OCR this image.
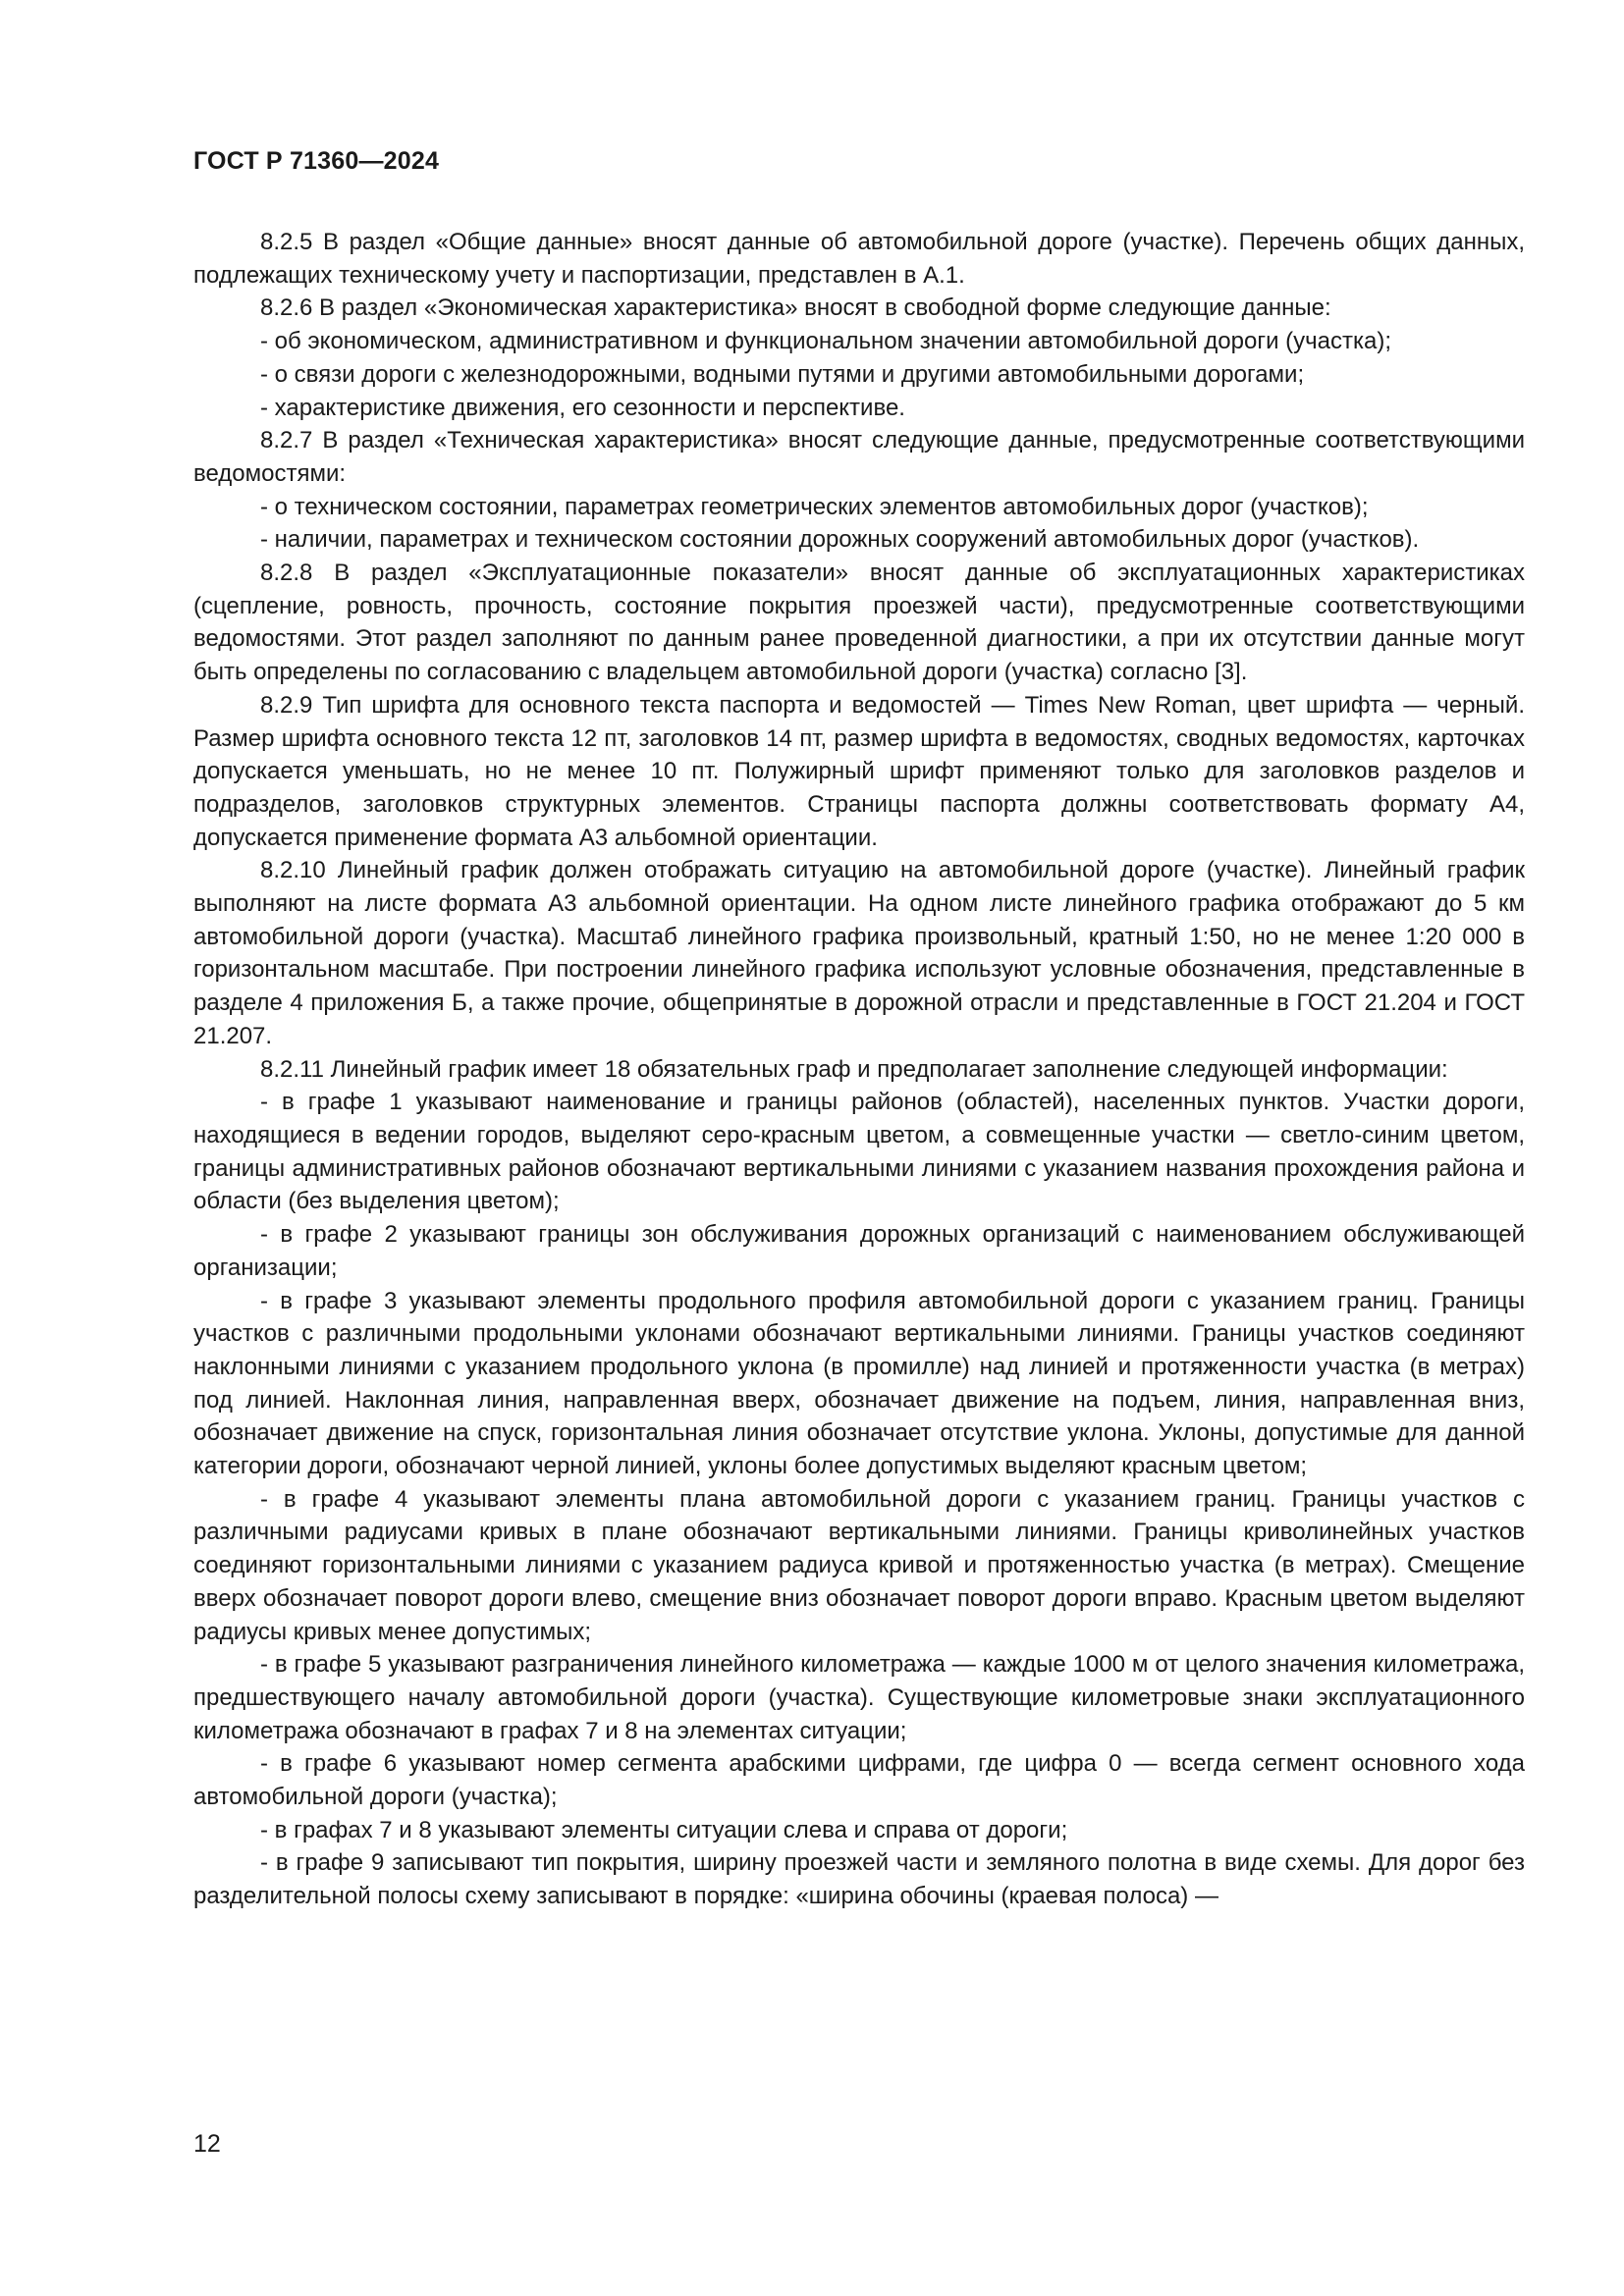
ГОСТ Р 71360—2024

8.2.5 В раздел «Общие данные» вносят данные об автомобильной дороге (участке). Перечень общих данных, подлежащих техническому учету и паспортизации, представлен в А.1.

8.2.6 В раздел «Экономическая характеристика» вносят в свободной форме следующие данные:

- об экономическом, административном и функциональном значении автомобильной дороги (участка);

- о связи дороги с железнодорожными, водными путями и другими автомобильными дорогами;

- характеристике движения, его сезонности и перспективе.

8.2.7 В раздел «Техническая характеристика» вносят следующие данные, предусмотренные соответствующими ведомостями:

- о техническом состоянии, параметрах геометрических элементов автомобильных дорог (участков);

- наличии, параметрах и техническом состоянии дорожных сооружений автомобильных дорог (участков).

8.2.8 В раздел «Эксплуатационные показатели» вносят данные об эксплуатационных характеристиках (сцепление, ровность, прочность, состояние покрытия проезжей части), предусмотренные соответствующими ведомостями. Этот раздел заполняют по данным ранее проведенной диагностики, а при их отсутствии данные могут быть определены по согласованию с владельцем автомобильной дороги (участка) согласно [3].

8.2.9 Тип шрифта для основного текста паспорта и ведомостей — Times New Roman, цвет шрифта — черный. Размер шрифта основного текста 12 пт, заголовков 14 пт, размер шрифта в ведомостях, сводных ведомостях, карточках допускается уменьшать, но не менее 10 пт. Полужирный шрифт применяют только для заголовков разделов и подразделов, заголовков структурных элементов. Страницы паспорта должны соответствовать формату А4, допускается применение формата А3 альбомной ориентации.

8.2.10 Линейный график должен отображать ситуацию на автомобильной дороге (участке). Линейный график выполняют на листе формата А3 альбомной ориентации. На одном листе линейного графика отображают до 5 км автомобильной дороги (участка). Масштаб линейного графика произвольный, кратный 1:50, но не менее 1:20 000 в горизонтальном масштабе. При построении линейного графика используют условные обозначения, представленные в разделе 4 приложения Б, а также прочие, общепринятые в дорожной отрасли и представленные в ГОСТ 21.204 и ГОСТ 21.207.

8.2.11 Линейный график имеет 18 обязательных граф и предполагает заполнение следующей информации:

- в графе 1 указывают наименование и границы районов (областей), населенных пунктов. Участки дороги, находящиеся в ведении городов, выделяют серо-красным цветом, а совмещенные участки — светло-синим цветом, границы административных районов обозначают вертикальными линиями с указанием названия прохождения района и области (без выделения цветом);

- в графе 2 указывают границы зон обслуживания дорожных организаций с наименованием обслуживающей организации;

- в графе 3 указывают элементы продольного профиля автомобильной дороги с указанием границ. Границы участков с различными продольными уклонами обозначают вертикальными линиями. Границы участков соединяют наклонными линиями с указанием продольного уклона (в промилле) над линией и протяженности участка (в метрах) под линией. Наклонная линия, направленная вверх, обозначает движение на подъем, линия, направленная вниз, обозначает движение на спуск, горизонтальная линия обозначает отсутствие уклона. Уклоны, допустимые для данной категории дороги, обозначают черной линией, уклоны более допустимых выделяют красным цветом;

- в графе 4 указывают элементы плана автомобильной дороги с указанием границ. Границы участков с различными радиусами кривых в плане обозначают вертикальными линиями. Границы криволинейных участков соединяют горизонтальными линиями с указанием радиуса кривой и протяженностью участка (в метрах). Смещение вверх обозначает поворот дороги влево, смещение вниз обозначает поворот дороги вправо. Красным цветом выделяют радиусы кривых менее допустимых;

- в графе 5 указывают разграничения линейного километража — каждые 1000 м от целого значения километража, предшествующего началу автомобильной дороги (участка). Существующие километровые знаки эксплуатационного километража обозначают в графах 7 и 8 на элементах ситуации;

- в графе 6 указывают номер сегмента арабскими цифрами, где цифра 0 — всегда сегмент основного хода автомобильной дороги (участка);

- в графах 7 и 8 указывают элементы ситуации слева и справа от дороги;

- в графе 9 записывают тип покрытия, ширину проезжей части и земляного полотна в виде схемы. Для дорог без разделительной полосы схему записывают в порядке: «ширина обочины (краевая полоса) —

12
